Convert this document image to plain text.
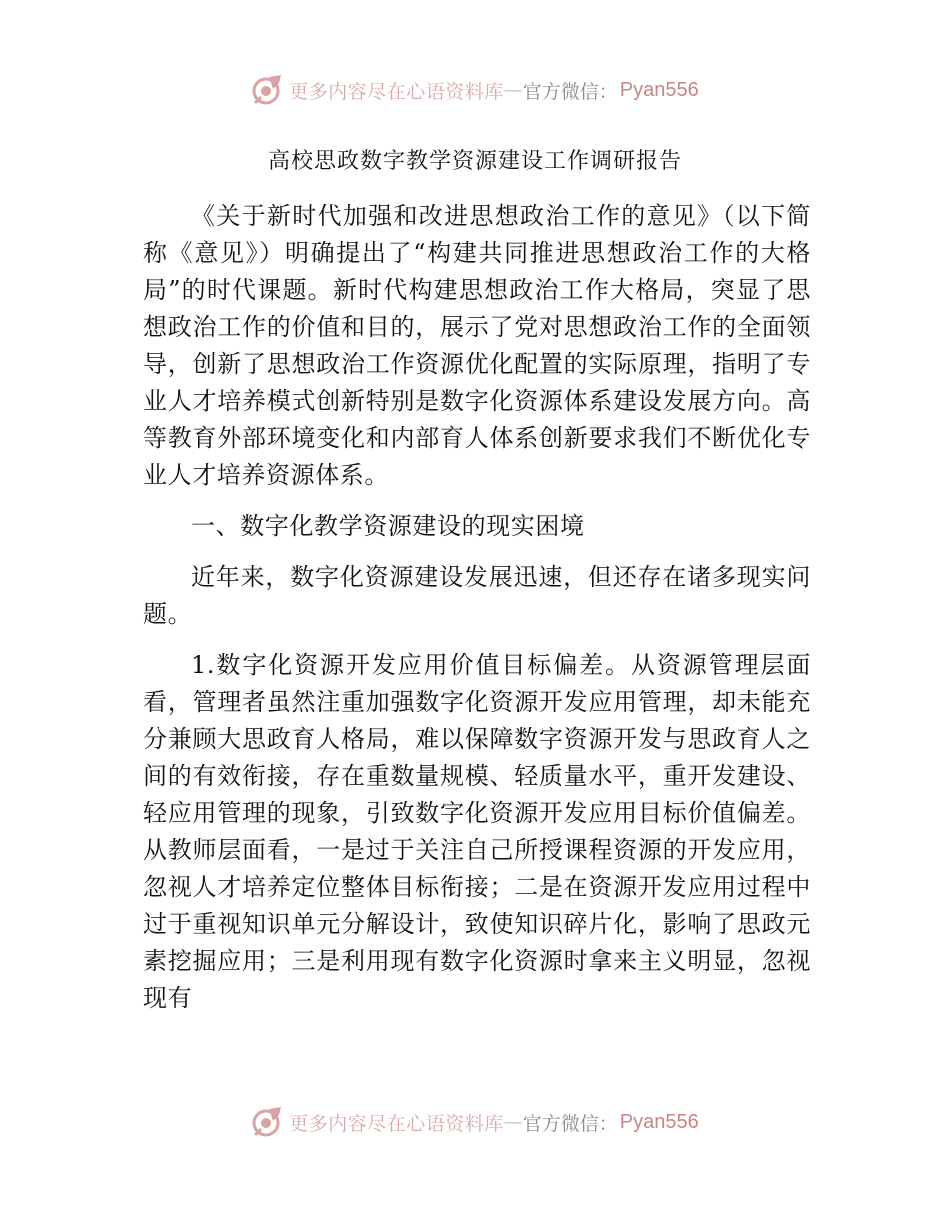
更多内容尽在心语资料库 — 官方微信： Pyan556
高校思政数字教学资源建设工作调研报告

《关于新时代加强和改进思想政治工作的意见》（以下简称《意见》）明确提出了“构建共同推进思想政治工作的大格局”的时代课题。新时代构建思想政治工作大格局，突显了思想政治工作的价值和目的，展示了党对思想政治工作的全面领导，创新了思想政治工作资源优化配置的实际原理，指明了专业人才培养模式创新特别是数字化资源体系建设发展方向。高等教育外部环境变化和内部育人体系创新要求我们不断优化专业人才培养资源体系。

一、数字化教学资源建设的现实困境

近年来，数字化资源建设发展迅速，但还存在诸多现实问题。

1.数字化资源开发应用价值目标偏差。从资源管理层面看，管理者虽然注重加强数字化资源开发应用管理，却未能充分兼顾大思政育人格局，难以保障数字资源开发与思政育人之间的有效衔接，存在重数量规模、轻质量水平，重开发建设、轻应用管理的现象，引致数字化资源开发应用目标价值偏差。从教师层面看，一是过于关注自己所授课程资源的开发应用，忽视人才培养定位整体目标衔接；二是在资源开发应用过程中过于重视知识单元分解设计，致使知识碎片化，影响了思政元素挖掘应用；三是利用现有数字化资源时拿来主义明显，忽视现有

更多内容尽在心语资料库 — 官方微信： Pyan556
